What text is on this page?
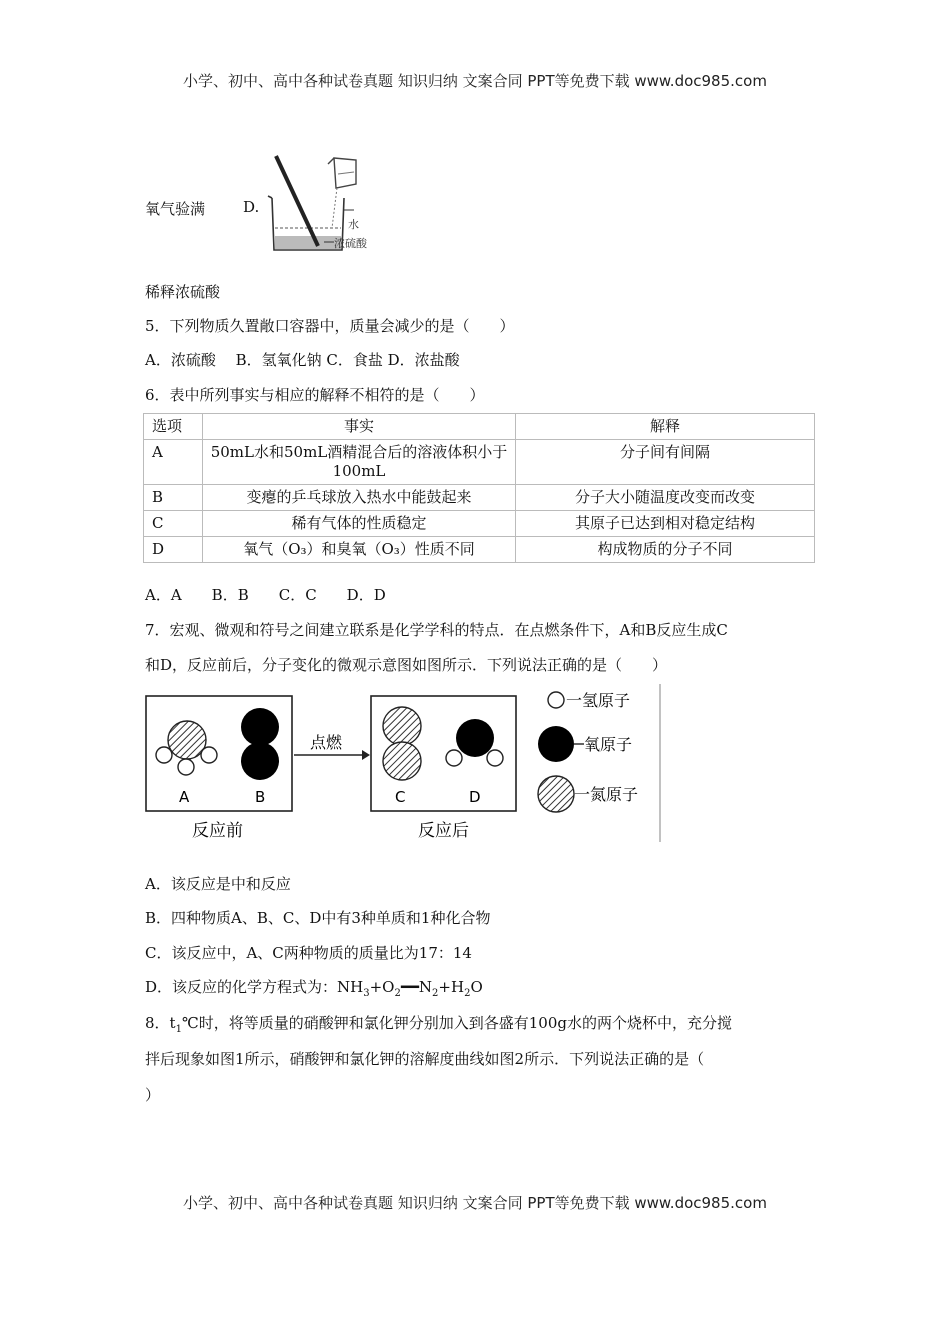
小学、初中、高中各种试卷真题 知识归纳 文案合同 PPT等免费下载 www.doc985.com
氧气验满	D.
水
浓硫酸
稀释浓硫酸
5．下列物质久置敞口容器中，质量会减少的是（　　）
A．浓硫酸　 B．氢氧化钠 C．食盐 D．浓盐酸
6．表中所列事实与相应的解释不相符的是（　　）
选项	事实	解释
A	50mL水和50mL酒精混合后的溶液体积小于100mL	分子间有间隔
B	变瘪的乒乓球放入热水中能鼓起来	分子大小随温度改变而改变
C	稀有气体的性质稳定	其原子已达到相对稳定结构
D	氧气（O₃）和臭氧（O₃）性质不同	构成物质的分子不同
A．A　　B．B　　C．C　　D．D
7．宏观、微观和符号之间建立联系是化学学科的特点．在点燃条件下，A和B反应生成C
和D，反应前后，分子变化的微观示意图如图所示．下列说法正确的是（　　）
A	B
反应前
点燃
C	D
反应后
一氢原子
氧原子
一氮原子
A．该反应是中和反应
B．四种物质A、B、C、D中有3种单质和1种化合物
C．该反应中，A、C两种物质的质量比为17：14
D．该反应的化学方程式为：$NH_3+O_2━━N_2+H_2O$
8．$t_1℃$时，将等质量的硝酸钾和氯化钾分别加入到各盛有100g水的两个烧杯中，充分搅
拌后现象如图1所示，硝酸钾和氯化钾的溶解度曲线如图2所示．下列说法正确的是（
）
小学、初中、高中各种试卷真题 知识归纳 文案合同 PPT等免费下载 www.doc985.com
